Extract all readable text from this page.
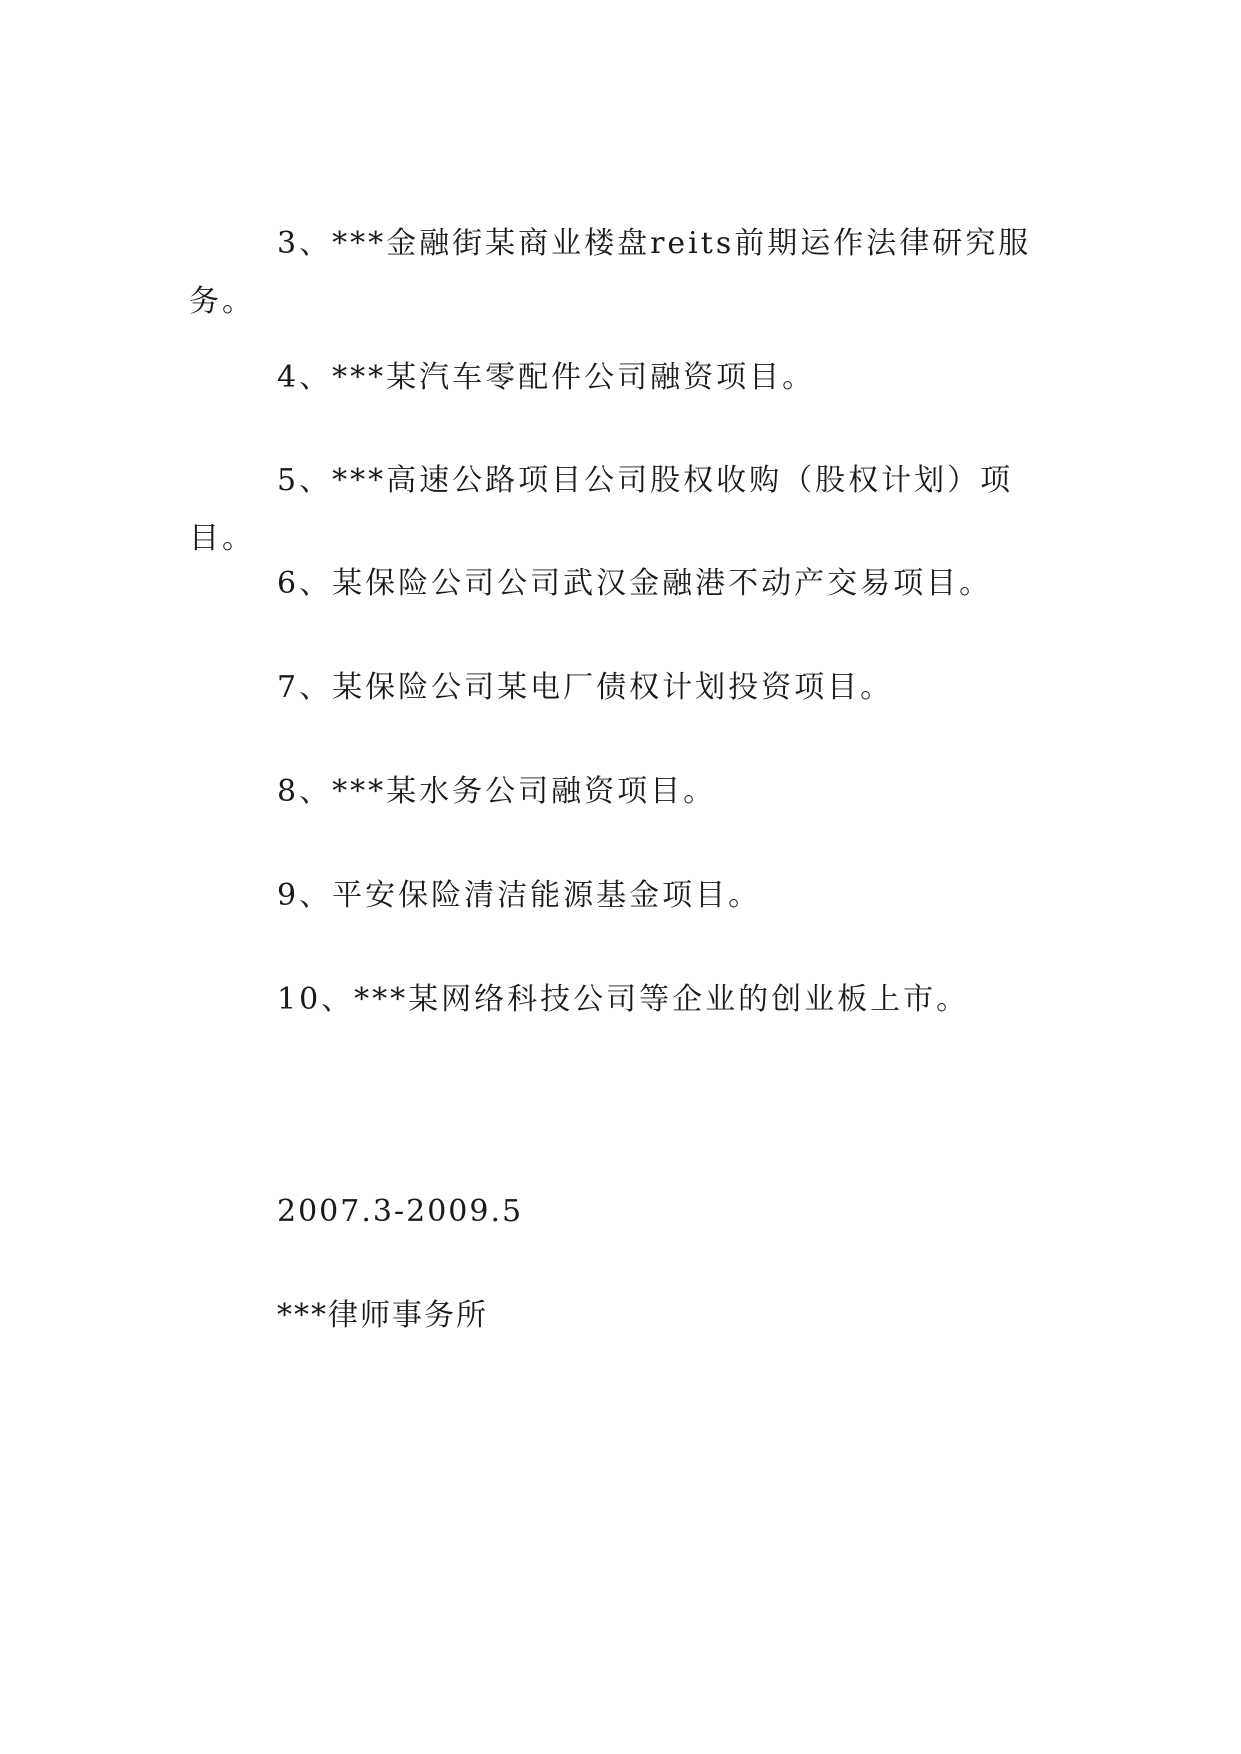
3、***金融街某商业楼盘reits前期运作法律研究服务。

4、***某汽车零配件公司融资项目。

5、***高速公路项目公司股权收购（股权计划）项目。

6、某保险公司公司武汉金融港不动产交易项目。

7、某保险公司某电厂债权计划投资项目。

8、***某水务公司融资项目。

9、平安保险清洁能源基金项目。

10、***某网络科技公司等企业的创业板上市。

2007.3-2009.5

***律师事务所
